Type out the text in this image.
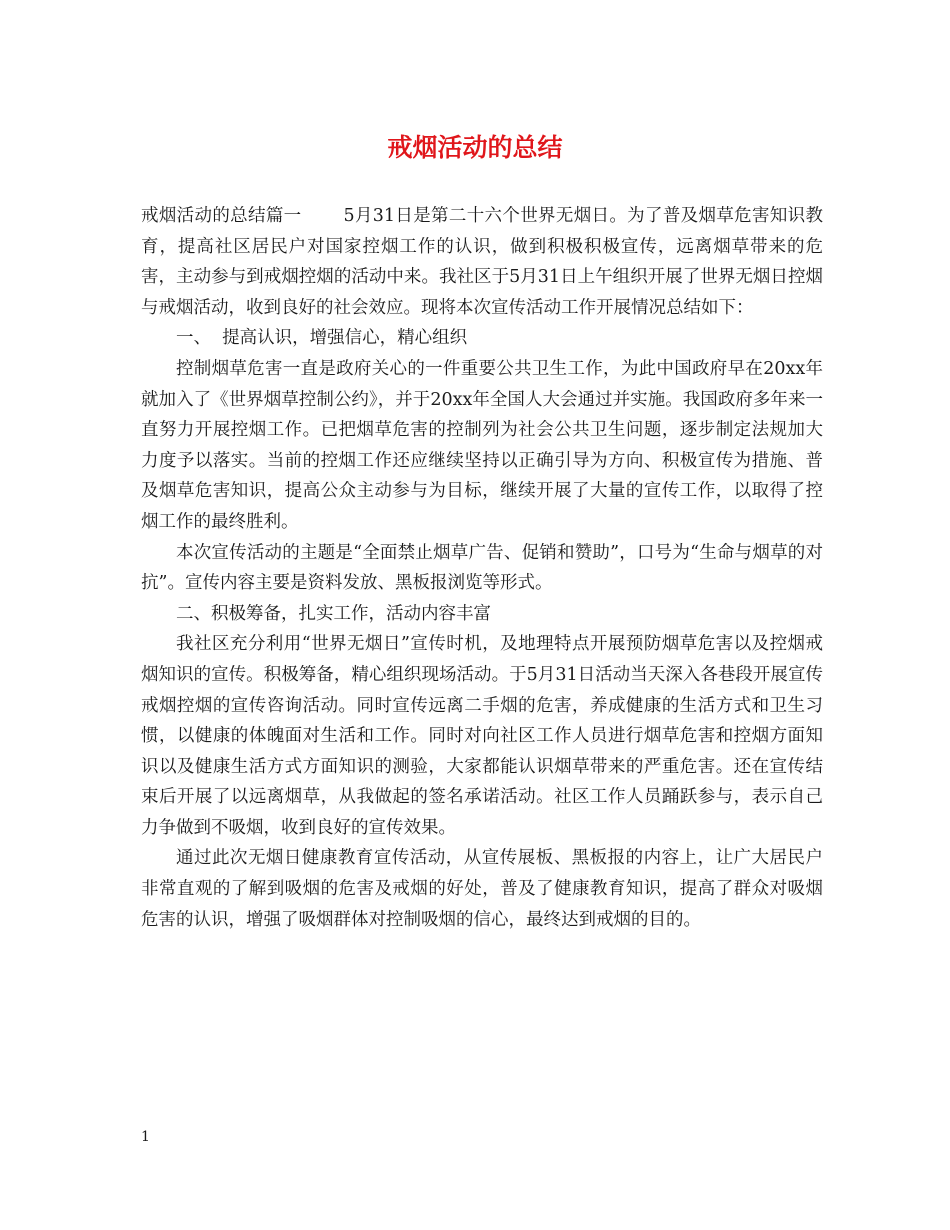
戒烟活动的总结

戒烟活动的总结篇一 5月31日是第二十六个世界无烟日。为了普及烟草危害知识教育，提高社区居民户对国家控烟工作的认识，做到积极积极宣传，远离烟草带来的危害，主动参与到戒烟控烟的活动中来。我社区于5月31日上午组织开展了世界无烟日控烟与戒烟活动，收到良好的社会效应。现将本次宣传活动工作开展情况总结如下：

一、  提高认识，增强信心，精心组织

控制烟草危害一直是政府关心的一件重要公共卫生工作，为此中国政府早在20xx年就加入了《世界烟草控制公约》，并于20xx年全国人大会通过并实施。我国政府多年来一直努力开展控烟工作。已把烟草危害的控制列为社会公共卫生问题，逐步制定法规加大力度予以落实。当前的控烟工作还应继续坚持以正确引导为方向、积极宣传为措施、普及烟草危害知识，提高公众主动参与为目标，继续开展了大量的宣传工作，以取得了控烟工作的最终胜利。

本次宣传活动的主题是“全面禁止烟草广告、促销和赞助”，口号为“生命与烟草的对抗”。宣传内容主要是资料发放、黑板报浏览等形式。

二、积极筹备，扎实工作，活动内容丰富

我社区充分利用“世界无烟日”宣传时机，及地理特点开展预防烟草危害以及控烟戒烟知识的宣传。积极筹备，精心组织现场活动。于5月31日活动当天深入各巷段开展宣传戒烟控烟的宣传咨询活动。同时宣传远离二手烟的危害，养成健康的生活方式和卫生习惯，以健康的体魄面对生活和工作。同时对向社区工作人员进行烟草危害和控烟方面知识以及健康生活方式方面知识的测验，大家都能认识烟草带来的严重危害。还在宣传结束后开展了以远离烟草，从我做起的签名承诺活动。社区工作人员踊跃参与，表示自己力争做到不吸烟，收到良好的宣传效果。

通过此次无烟日健康教育宣传活动，从宣传展板、黑板报的内容上，让广大居民户非常直观的了解到吸烟的危害及戒烟的好处，普及了健康教育知识，提高了群众对吸烟危害的认识，增强了吸烟群体对控制吸烟的信心，最终达到戒烟的目的。

1
